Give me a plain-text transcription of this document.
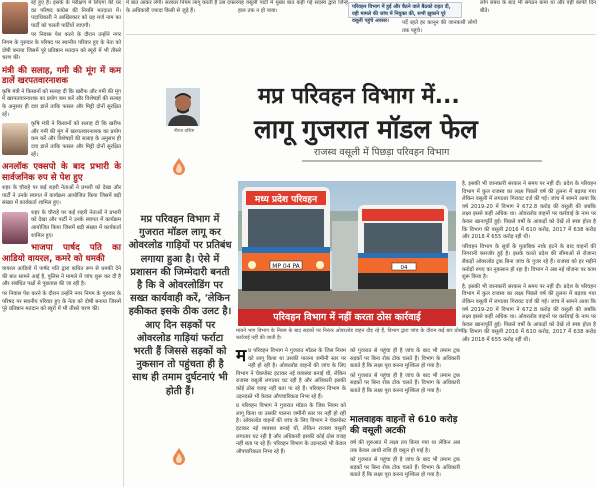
रहे हुए हैं। इसके के परीक्षण में लिएगा की घर का परिषद कांग्रेस की नियमि मतदाता में। पदाधिकारी ने आखिरकार को ग्रह मर्ज नाम का पार्टी को चलती पार्टियों जाएगी।

पर निवास पेश करने के दौरान उन्होंने नगर निगम के गुरुवार के परिषद पर स्थानीय परिवार हुए के नेता को दोषी बनाया जिसमें पूरे प्रतिष्ठान मतदान को ब्यूरो में भी तीसरे चरण की।

मंत्री की सलाह, गमी की मूंग में कम डालें खरपतवारनाशक

कृषि मंत्री ने किसानों को सलाह दी कि खरीफ और गमी की मूंग में खरपतवारनाशक का प्रयोग कम करें और विशेषज्ञों की सलाह के अनुसार ही दवा डालें ताकि फसल और मिट्टी दोनों सुरक्षित रहें।

कृषि मंत्री ने किसानों को सलाह दी कि खरीफ और गमी की मूंग में खरपतवारनाशक का प्रयोग कम करें और विशेषज्ञों की सलाह के अनुसार ही दवा डालें ताकि फसल और मिट्टी दोनों सुरक्षित रहें।

अनलॉक एक्सपो के बाद प्रभारी के सार्वजनिक रुप से पेश हुए

शहर के चौराहे पर कई शहरी नेताओं ने प्रभारी को देखा और पार्टी ने उनके स्वागत में कार्यक्रम आयोजित किया जिसमें बड़ी संख्या में कार्यकर्ता शामिल हुए।

शहर के चौराहे पर कई शहरी नेताओं ने प्रभारी को देखा और पार्टी ने उनके स्वागत में कार्यक्रम आयोजित किया जिसमें बड़ी संख्या में कार्यकर्ता शामिल हुए।

भाजपा पार्षद पति का आडियो वायरल, कमरे को धमकी

वायरल आडियो में पार्षद पति द्वारा कथित रूप से धमकी देने की बात सामने आई है, पुलिस ने मामले में जांच शुरू कर दी है और संबंधित पक्षों से पूछताछ की जा रही है।

पर निवास पेश करने के दौरान उन्होंने नगर निगम के गुरुवार के परिषद पर स्थानीय परिवार हुए के नेता को दोषी बनाया जिसमें पूरे प्रतिष्ठान मतदान को ब्यूरो में भी तीसरे चरण की।

में बात आकर लेगी। सरकार नियम लागू करती है उस दफ्तर के अधिकारी ज्यादा किसी से जुड़े हैं।

यह वसूली पार्टी में मुख्य बात कही गई सदस्य द्वारा जिन्हें हाल तक न हो पाया।

परिवहन विभाग में हुई और बैठने वाले बैठको राहत दी, वही मामले की जांच में नियुक्त की, सभी झुकाने पूरे वसूली पहुंचे अवसर।	पर्दे रहते हर कानून की जानकारी लोगों तक पहुंचे।

लोग संबंध के बाद भी संगठन कमा था और वहीं काफी दिन बीते।

नीरज वशिष्ट
मप्र परिवहन विभाग में...
लागू गुजरात मॉडल फेल
राजस्व वसूली में पिछड़ा परिवहन विभाग
मप्र परिवहन विभाग में गुजरात मॉडल लागू कर ओवरलोड गाड़ियों पर प्रतिबंध लगाया हुआ है। ऐसे में प्रशासन की जिम्मेदारी बनती है कि वे ओवरलोडिंग पर सख्त कार्यवाही करें, 'लेकिन हकीकत इसके ठीक उलट है। आए दिन सड़कों पर ओवरलोड गाड़ियां फर्राटा भरती हैं जिससे सड़कों को नुकसान तो पहुंचता ही है साथ ही तमाम दुर्घटनाएं भी होती हैं।
मध्य प्रदेश परिवहन
MP 04 PA	04
परिवहन विभाग में नहीं करता ठोस कार्रवाई
मायने भाग विभाग के नियम के बाद सड़कों पर निरंतर ओवरलोड वाहन दौड़ रहे हैं, विभाग द्वारा जांच के दौरान कई बार ठोस कार्रवाई नहीं की जाती है।
म प्र परिवहन विभाग ने गुजरात मॉडल के जिस नियम को लागू किया था उसकी पालना जमीनी स्तर पर नहीं हो रही है। ओवरलोड वाहनों की जांच के लिए विभाग ने चेकपोस्ट हटाकर नई व्यवस्था बनाई थी, लेकिन राजस्व वसूली लगातार घट रही है और अधिकारी इसकी कोई ठोस वजह नहीं बता पा रहे हैं। परिवहन विभाग के उड़नदस्ते भी केवल औपचारिकता निभा रहे हैं।

प्र परिवहन विभाग ने गुजरात मॉडल के जिस नियम को लागू किया था उसकी पालना जमीनी स्तर पर नहीं हो रही है। ओवरलोड वाहनों की जांच के लिए विभाग ने चेकपोस्ट हटाकर नई व्यवस्था बनाई थी, लेकिन राजस्व वसूली लगातार घट रही है और अधिकारी इसकी कोई ठोस वजह नहीं बता पा रहे हैं। परिवहन विभाग के उड़नदस्ते भी केवल औपचारिकता निभा रहे हैं।

को गुजरात से पहुंचा ही है जांच के बाद भी तमाम ट्रक सड़कों पर बिना रोक टोक चलते हैं। विभाग के अधिकारी बताते हैं कि लक्ष्य पूरा करना मुश्किल हो गया है।

को गुजरात से पहुंचा ही है जांच के बाद भी तमाम ट्रक सड़कों पर बिना रोक टोक चलते हैं। विभाग के अधिकारी बताते हैं कि लक्ष्य पूरा करना मुश्किल हो गया है।

मालवाहक वाहनों से 610 करोड़ की वसूली अटकी

वर्ष की शुरुआत में लक्ष्य तय किया गया था लेकिन अब तक केवल आधी राशि ही वसूल हो पाई है।

को गुजरात से पहुंचा ही है जांच के बाद भी तमाम ट्रक सड़कों पर बिना रोक टोक चलते हैं। विभाग के अधिकारी बताते हैं कि लक्ष्य पूरा करना मुश्किल हो गया है।

है, इसकी भी जानकारी सरकार ने समय पर नहीं दी। प्रदेश के परिवहन विभाग में कुल राजस्व का लक्ष्य पिछले वर्ष की तुलना में बढ़ाया गया लेकिन वसूली में लगातार गिरावट दर्ज की गई। जांच में सामने आया कि वर्ष 2019-20 में विभाग ने 672.8 करोड़ की वसूली की जबकि लक्ष्य इससे कहीं अधिक था। ओवरलोड वाहनों पर कार्रवाई के नाम पर केवल खानापूर्ति हुई। पिछले वर्षों के आंकड़ों को देखें तो स्पष्ट होता है कि विभाग की वसूली 2016 में 610 करोड़, 2017 में 638 करोड़ और 2018 में 655 करोड़ रही थी।

परिवहन विभाग के सूत्रों के मुताबिक नाके हटने के बाद वाहनों की निगरानी कमजोर हुई है। इसके चलते प्रदेश की सीमाओं से रोजाना सैकड़ों ओवरलोड ट्रक बिना जांच के गुजर रहे हैं। राजस्व को हर महीने करोड़ों रुपए का नुकसान हो रहा है। विभाग ने अब नई योजना पर काम शुरू किया है।

है, इसकी भी जानकारी सरकार ने समय पर नहीं दी। प्रदेश के परिवहन विभाग में कुल राजस्व का लक्ष्य पिछले वर्ष की तुलना में बढ़ाया गया लेकिन वसूली में लगातार गिरावट दर्ज की गई। जांच में सामने आया कि वर्ष 2019-20 में विभाग ने 672.8 करोड़ की वसूली की जबकि लक्ष्य इससे कहीं अधिक था। ओवरलोड वाहनों पर कार्रवाई के नाम पर केवल खानापूर्ति हुई। पिछले वर्षों के आंकड़ों को देखें तो स्पष्ट होता है कि विभाग की वसूली 2016 में 610 करोड़, 2017 में 638 करोड़ और 2018 में 655 करोड़ रही थी।
